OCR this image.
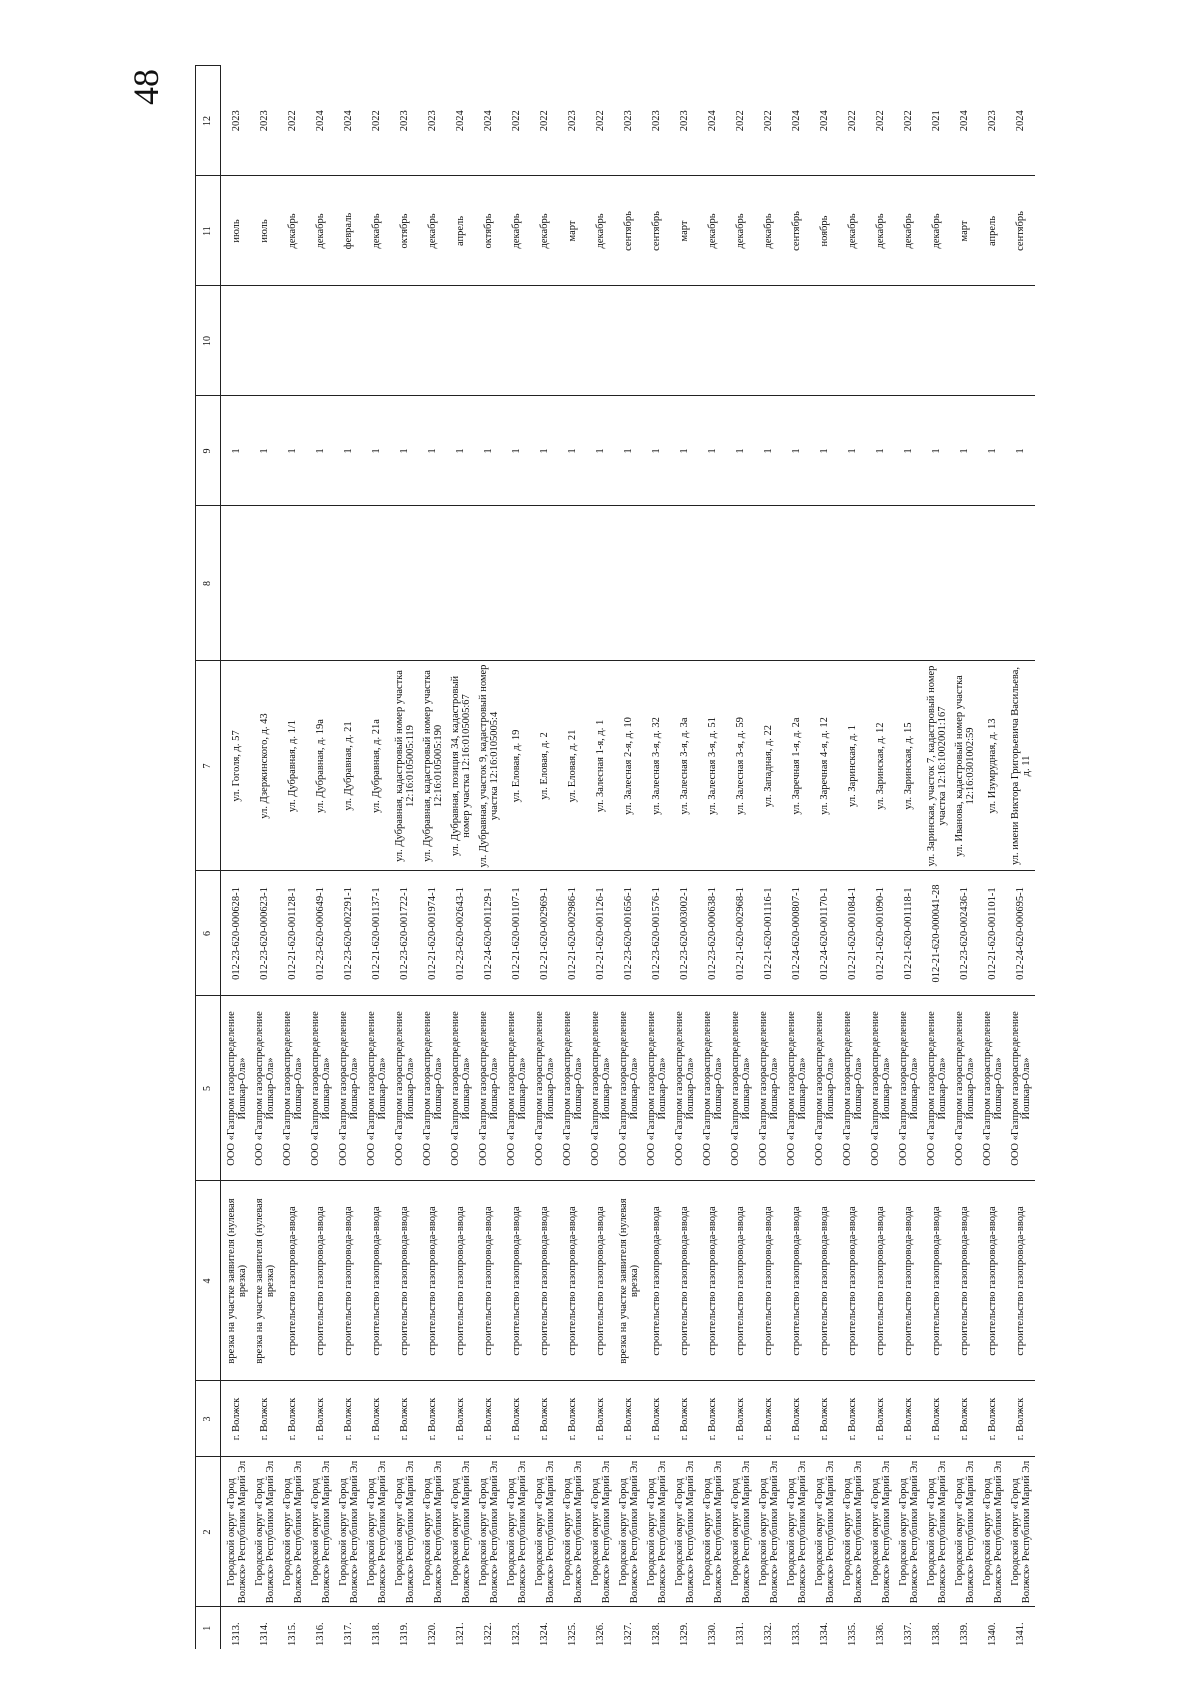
48
1	2	3	4	5	6	7	8	9	10	11	12
1313.	Городской округ «Город Волжск» Республики Марий Эл	г. Волжск	врезка на участке заявителя (нулевая врезка)	ООО «Газпром газораспределение Йошкар-Ола»	012-23-620-000628-1	ул. Гоголя, д. 57		1		июль	2023
1314.	Городской округ «Город Волжск» Республики Марий Эл	г. Волжск	врезка на участке заявителя (нулевая врезка)	ООО «Газпром газораспределение Йошкар-Ола»	012-23-620-000623-1	ул. Дзержинского, д. 43		1		июль	2023
1315.	Городской округ «Город Волжск» Республики Марий Эл	г. Волжск	строительство газопровода-ввода	ООО «Газпром газораспределение Йошкар-Ола»	012-21-620-001128-1	ул. Дубравная, д. 1/1		1		декабрь	2022
1316.	Городской округ «Город Волжск» Республики Марий Эл	г. Волжск	строительство газопровода-ввода	ООО «Газпром газораспределение Йошкар-Ола»	012-23-620-000649-1	ул. Дубравная, д. 19а		1		декабрь	2024
1317.	Городской округ «Город Волжск» Республики Марий Эл	г. Волжск	строительство газопровода-ввода	ООО «Газпром газораспределение Йошкар-Ола»	012-23-620-002291-1	ул. Дубравная, д. 21		1		февраль	2024
1318.	Городской округ «Город Волжск» Республики Марий Эл	г. Волжск	строительство газопровода-ввода	ООО «Газпром газораспределение Йошкар-Ола»	012-21-620-001137-1	ул. Дубравная, д. 21а		1		декабрь	2022
1319.	Городской округ «Город Волжск» Республики Марий Эл	г. Волжск	строительство газопровода-ввода	ООО «Газпром газораспределение Йошкар-Ола»	012-23-620-001722-1	ул. Дубравная, кадастровый номер участка 12:16:0105005:119		1		октябрь	2023
1320.	Городской округ «Город Волжск» Республики Марий Эл	г. Волжск	строительство газопровода-ввода	ООО «Газпром газораспределение Йошкар-Ола»	012-21-620-001974-1	ул. Дубравная, кадастровый номер участка 12:16:0105005:190		1		декабрь	2023
1321.	Городской округ «Город Волжск» Республики Марий Эл	г. Волжск	строительство газопровода-ввода	ООО «Газпром газораспределение Йошкар-Ола»	012-23-620-002643-1	ул. Дубравная, позиция 34, кадастровый номер участка 12:16:0105005:67		1		апрель	2024
1322.	Городской округ «Город Волжск» Республики Марий Эл	г. Волжск	строительство газопровода-ввода	ООО «Газпром газораспределение Йошкар-Ола»	012-24-620-001129-1	ул. Дубравная, участок 9, кадастровый номер участка 12:16:0105005:4		1		октябрь	2024
1323.	Городской округ «Город Волжск» Республики Марий Эл	г. Волжск	строительство газопровода-ввода	ООО «Газпром газораспределение Йошкар-Ола»	012-21-620-001107-1	ул. Еловая, д. 19		1		декабрь	2022
1324.	Городской округ «Город Волжск» Республики Марий Эл	г. Волжск	строительство газопровода-ввода	ООО «Газпром газораспределение Йошкар-Ола»	012-21-620-002969-1	ул. Еловая, д. 2		1		декабрь	2022
1325.	Городской округ «Город Волжск» Республики Марий Эл	г. Волжск	строительство газопровода-ввода	ООО «Газпром газораспределение Йошкар-Ола»	012-21-620-002986-1	ул. Еловая, д. 21		1		март	2023
1326.	Городской округ «Город Волжск» Республики Марий Эл	г. Волжск	строительство газопровода-ввода	ООО «Газпром газораспределение Йошкар-Ола»	012-21-620-001126-1	ул. Залесная 1-я, д. 1		1		декабрь	2022
1327.	Городской округ «Город Волжск» Республики Марий Эл	г. Волжск	врезка на участке заявителя (нулевая врезка)	ООО «Газпром газораспределение Йошкар-Ола»	012-23-620-001656-1	ул. Залесная 2-я, д. 10		1		сентябрь	2023
1328.	Городской округ «Город Волжск» Республики Марий Эл	г. Волжск	строительство газопровода-ввода	ООО «Газпром газораспределение Йошкар-Ола»	012-23-620-001576-1	ул. Залесная 3-я, д. 32		1		сентябрь	2023
1329.	Городской округ «Город Волжск» Республики Марий Эл	г. Волжск	строительство газопровода-ввода	ООО «Газпром газораспределение Йошкар-Ола»	012-23-620-003002-1	ул. Залесная 3-я, д. 3а		1		март	2023
1330.	Городской округ «Город Волжск» Республики Марий Эл	г. Волжск	строительство газопровода-ввода	ООО «Газпром газораспределение Йошкар-Ола»	012-23-620-000638-1	ул. Залесная 3-я, д. 51		1		декабрь	2024
1331.	Городской округ «Город Волжск» Республики Марий Эл	г. Волжск	строительство газопровода-ввода	ООО «Газпром газораспределение Йошкар-Ола»	012-21-620-002968-1	ул. Залесная 3-я, д. 59		1		декабрь	2022
1332.	Городской округ «Город Волжск» Республики Марий Эл	г. Волжск	строительство газопровода-ввода	ООО «Газпром газораспределение Йошкар-Ола»	012-21-620-001116-1	ул. Западная, д. 22		1		декабрь	2022
1333.	Городской округ «Город Волжск» Республики Марий Эл	г. Волжск	строительство газопровода-ввода	ООО «Газпром газораспределение Йошкар-Ола»	012-24-620-000807-1	ул. Заречная 1-я, д. 2а		1		сентябрь	2024
1334.	Городской округ «Город Волжск» Республики Марий Эл	г. Волжск	строительство газопровода-ввода	ООО «Газпром газораспределение Йошкар-Ола»	012-24-620-001170-1	ул. Заречная 4-я, д. 12		1		ноябрь	2024
1335.	Городской округ «Город Волжск» Республики Марий Эл	г. Волжск	строительство газопровода-ввода	ООО «Газпром газораспределение Йошкар-Ола»	012-21-620-001084-1	ул. Заринская, д. 1		1		декабрь	2022
1336.	Городской округ «Город Волжск» Республики Марий Эл	г. Волжск	строительство газопровода-ввода	ООО «Газпром газораспределение Йошкар-Ола»	012-21-620-001090-1	ул. Заринская, д. 12		1		декабрь	2022
1337.	Городской округ «Город Волжск» Республики Марий Эл	г. Волжск	строительство газопровода-ввода	ООО «Газпром газораспределение Йошкар-Ола»	012-21-620-001118-1	ул. Заринская, д. 15		1		декабрь	2022
1338.	Городской округ «Город Волжск» Республики Марий Эл	г. Волжск	строительство газопровода-ввода	ООО «Газпром газораспределение Йошкар-Ола»	012-21-620-000041-28	ул. Заринская, участок 7, кадастровый номер участка 12:16:1002001:167		1		декабрь	2021
1339.	Городской округ «Город Волжск» Республики Марий Эл	г. Волжск	строительство газопровода-ввода	ООО «Газпром газораспределение Йошкар-Ола»	012-23-620-002436-1	ул. Иванова, кадастровый номер участка 12:16:0301002:59		1		март	2024
1340.	Городской округ «Город Волжск» Республики Марий Эл	г. Волжск	строительство газопровода-ввода	ООО «Газпром газораспределение Йошкар-Ола»	012-21-620-001101-1	ул. Изумрудная, д. 13		1		апрель	2023
1341.	Городской округ «Город Волжск» Республики Марий Эл	г. Волжск	строительство газопровода-ввода	ООО «Газпром газораспределение Йошкар-Ола»	012-24-620-000695-1	ул. имени Виктора Григорьевича Васильева, д. 11		1		сентябрь	2024
